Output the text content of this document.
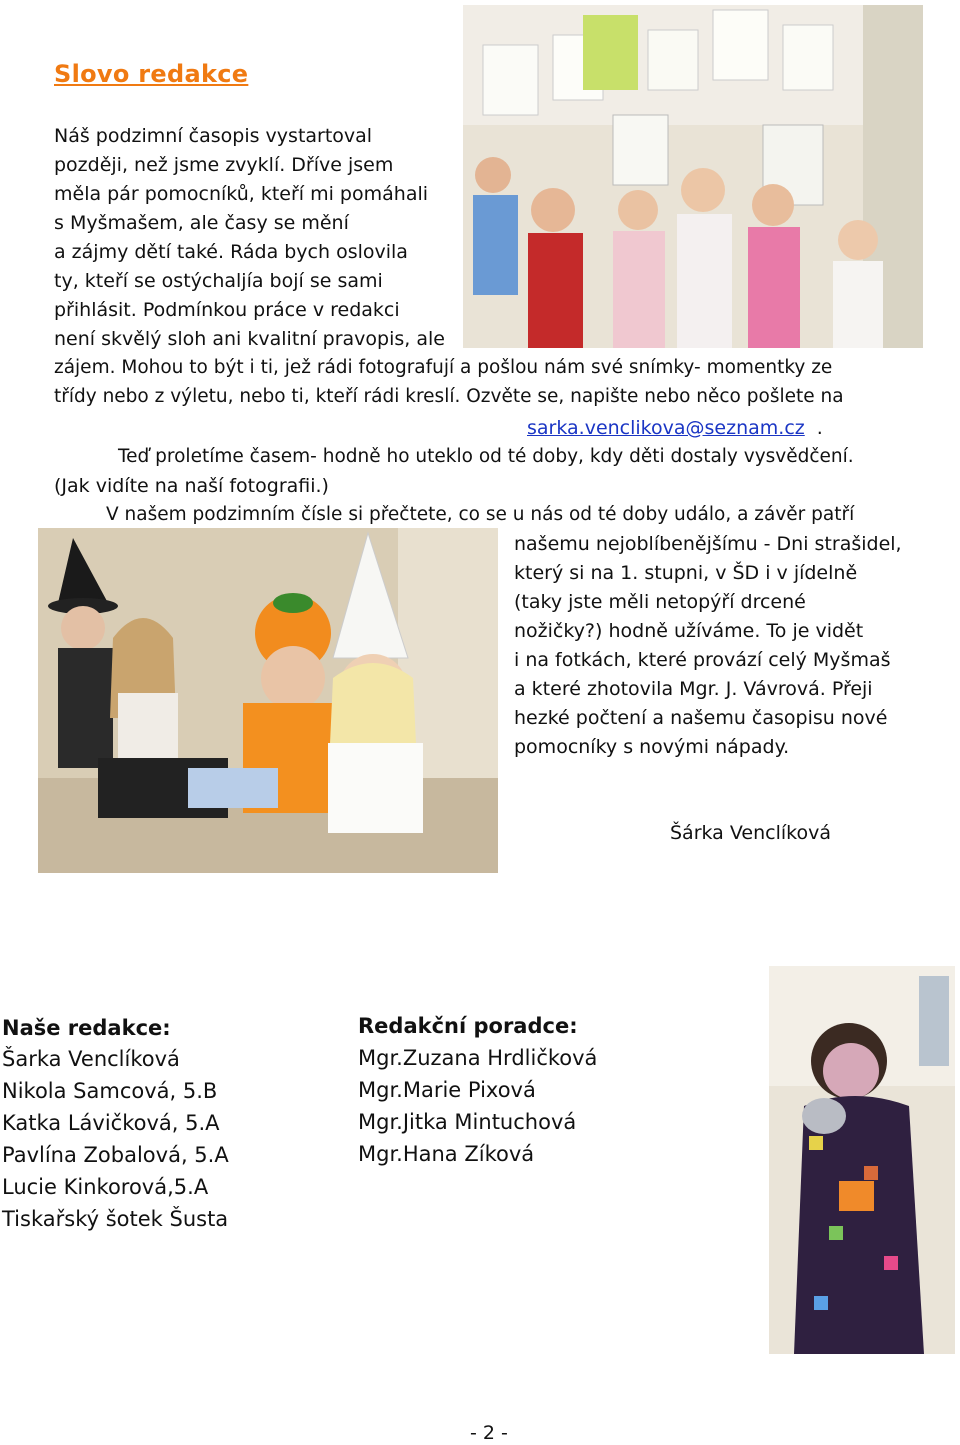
Slovo redakce
Náš podzimní časopis vystartoval
později, než jsme zvyklí. Dříve jsem
měla pár pomocníků, kteří mi pomáhali
s Myšmašem, ale časy se mění
a zájmy dětí také. Ráda bych oslovila
ty, kteří se ostýchaljía bojí se sami
přihlásit. Podmínkou práce v redakci
není skvělý sloh ani kvalitní pravopis, ale
zájem. Mohou to být i ti, jež rádi fotografují a pošlou nám své snímky- momentky ze
třídy nebo z výletu, nebo ti, kteří rádi kreslí. Ozvěte se, napište nebo něco pošlete na
sarka.venclikova@seznam.cz .
Teď proletíme časem- hodně ho uteklo od té doby, kdy děti dostaly vysvědčení.
(Jak vidíte na naší fotografii.)
V našem podzimním čísle si přečtete, co se u nás od té doby událo, a závěr patří
našemu nejoblíbenějšímu - Dni strašidel,
který si na 1. stupni, v ŠD i v jídelně
(taky jste měli netopýří drcené
nožičky?) hodně užíváme. To je vidět
i na fotkách, které provází celý Myšmaš
a které zhotovila Mgr. J. Vávrová. Přeji
hezké počtení a našemu časopisu nové
pomocníky s novými nápady.
Šárka Venclíková
Naše redakce:
Šarka Venclíková
Nikola Samcová, 5.B
Katka Lávičková, 5.A
Pavlína Zobalová, 5.A
Lucie Kinkorová,5.A
Tiskařský šotek Šusta
Redakční poradce:
Mgr.Zuzana Hrdličková
Mgr.Marie Pixová
Mgr.Jitka Mintuchová
Mgr.Hana Zíková
- 2 -
